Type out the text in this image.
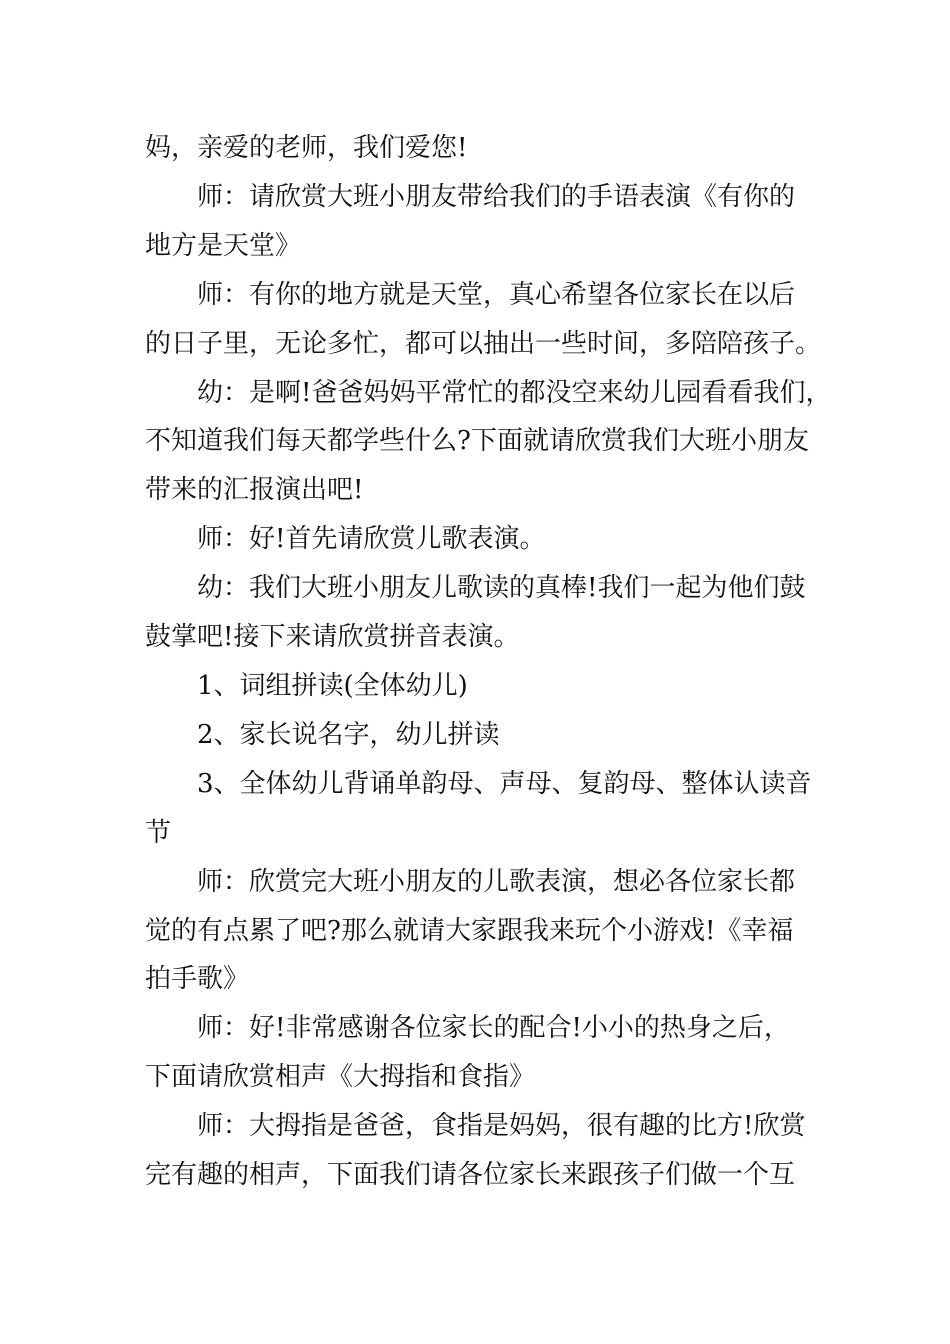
妈，亲爱的老师，我们爱您!

师：请欣赏大班小朋友带给我们的手语表演《有你的

地方是天堂》

师：有你的地方就是天堂，真心希望各位家长在以后

的日子里，无论多忙，都可以抽出一些时间，多陪陪孩子。

幼：是啊!爸爸妈妈平常忙的都没空来幼儿园看看我们，

不知道我们每天都学些什么?下面就请欣赏我们大班小朋友

带来的汇报演出吧!

师：好!首先请欣赏儿歌表演。

幼：我们大班小朋友儿歌读的真棒!我们一起为他们鼓

鼓掌吧!接下来请欣赏拼音表演。

1、词组拼读(全体幼儿)

2、家长说名字，幼儿拼读

3、全体幼儿背诵单韵母、声母、复韵母、整体认读音

节

师：欣赏完大班小朋友的儿歌表演，想必各位家长都

觉的有点累了吧?那么就请大家跟我来玩个小游戏!《幸福

拍手歌》

师：好!非常感谢各位家长的配合!小小的热身之后，

下面请欣赏相声《大拇指和食指》

师：大拇指是爸爸，食指是妈妈，很有趣的比方!欣赏

完有趣的相声，下面我们请各位家长来跟孩子们做一个互
